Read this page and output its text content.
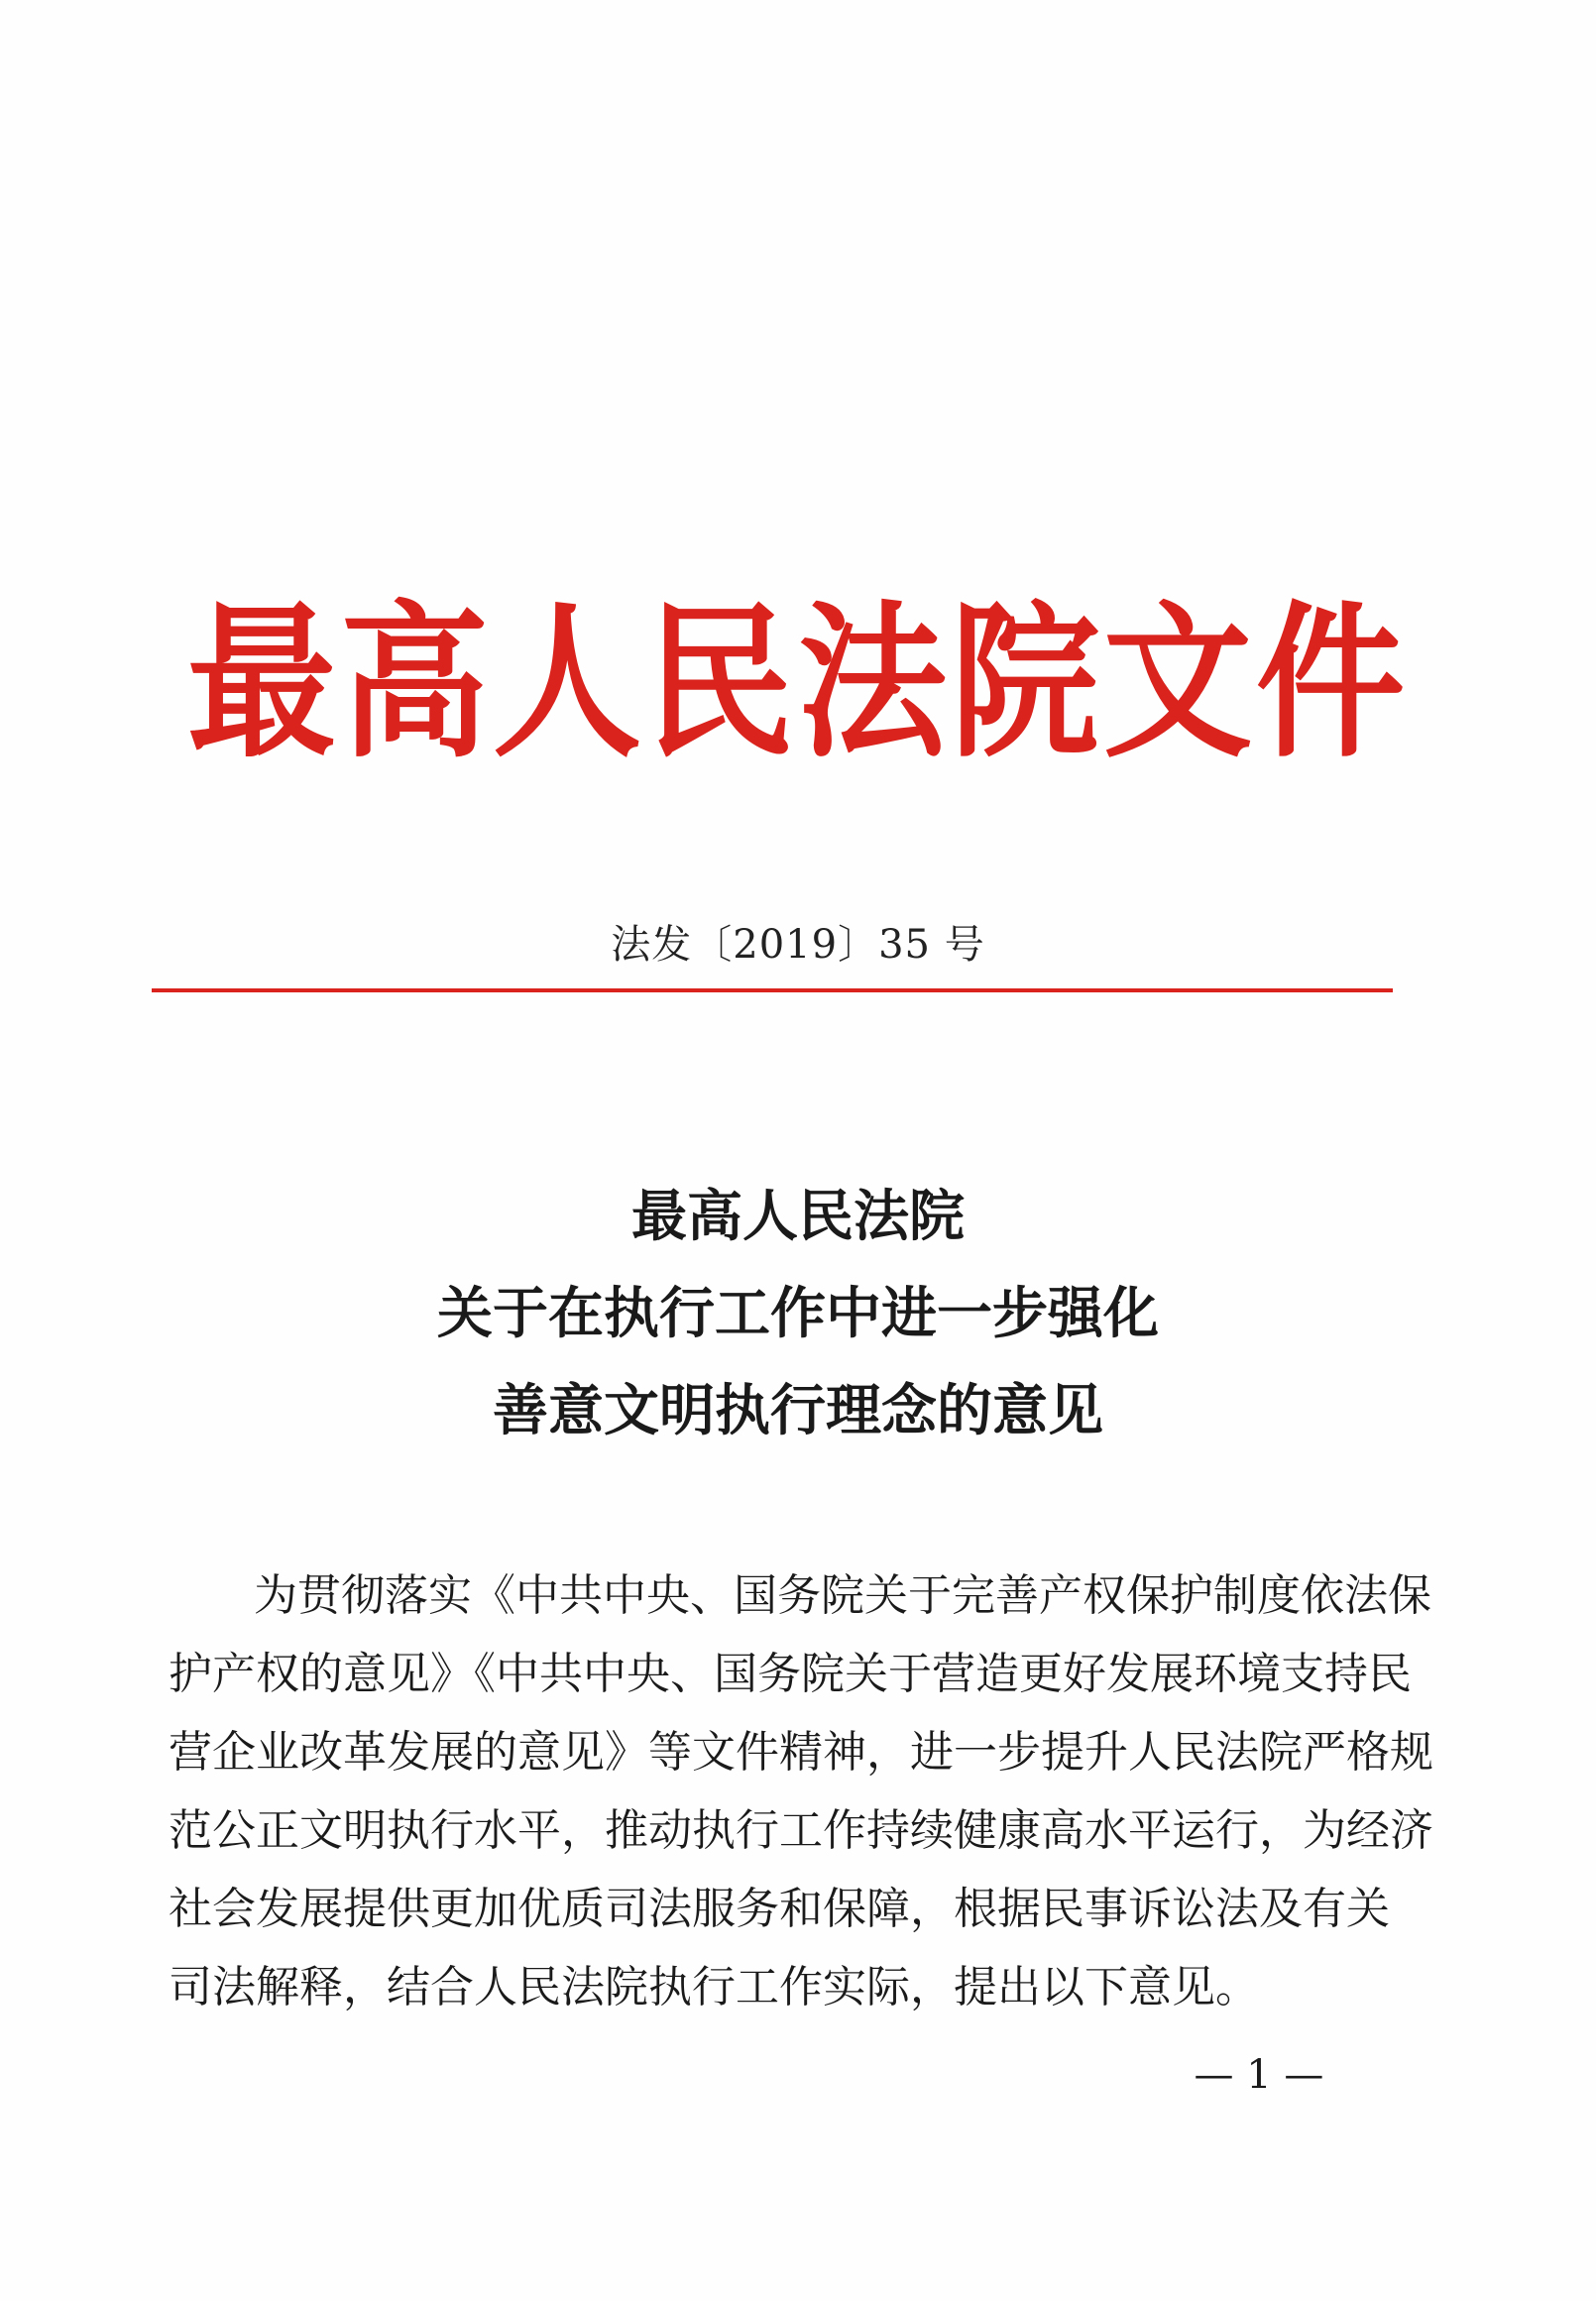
最高人民法院文件
法发〔2019〕35 号
最高人民法院
关于在执行工作中进一步强化
善意文明执行理念的意见
为贯彻落实《中共中央、国务院关于完善产权保护制度依法保
护产权的意见》《中共中央、国务院关于营造更好发展环境支持民
营企业改革发展的意见》等文件精神，进一步提升人民法院严格规
范公正文明执行水平，推动执行工作持续健康高水平运行，为经济
社会发展提供更加优质司法服务和保障，根据民事诉讼法及有关
司法解释，结合人民法院执行工作实际，提出以下意见。
— 1 —
